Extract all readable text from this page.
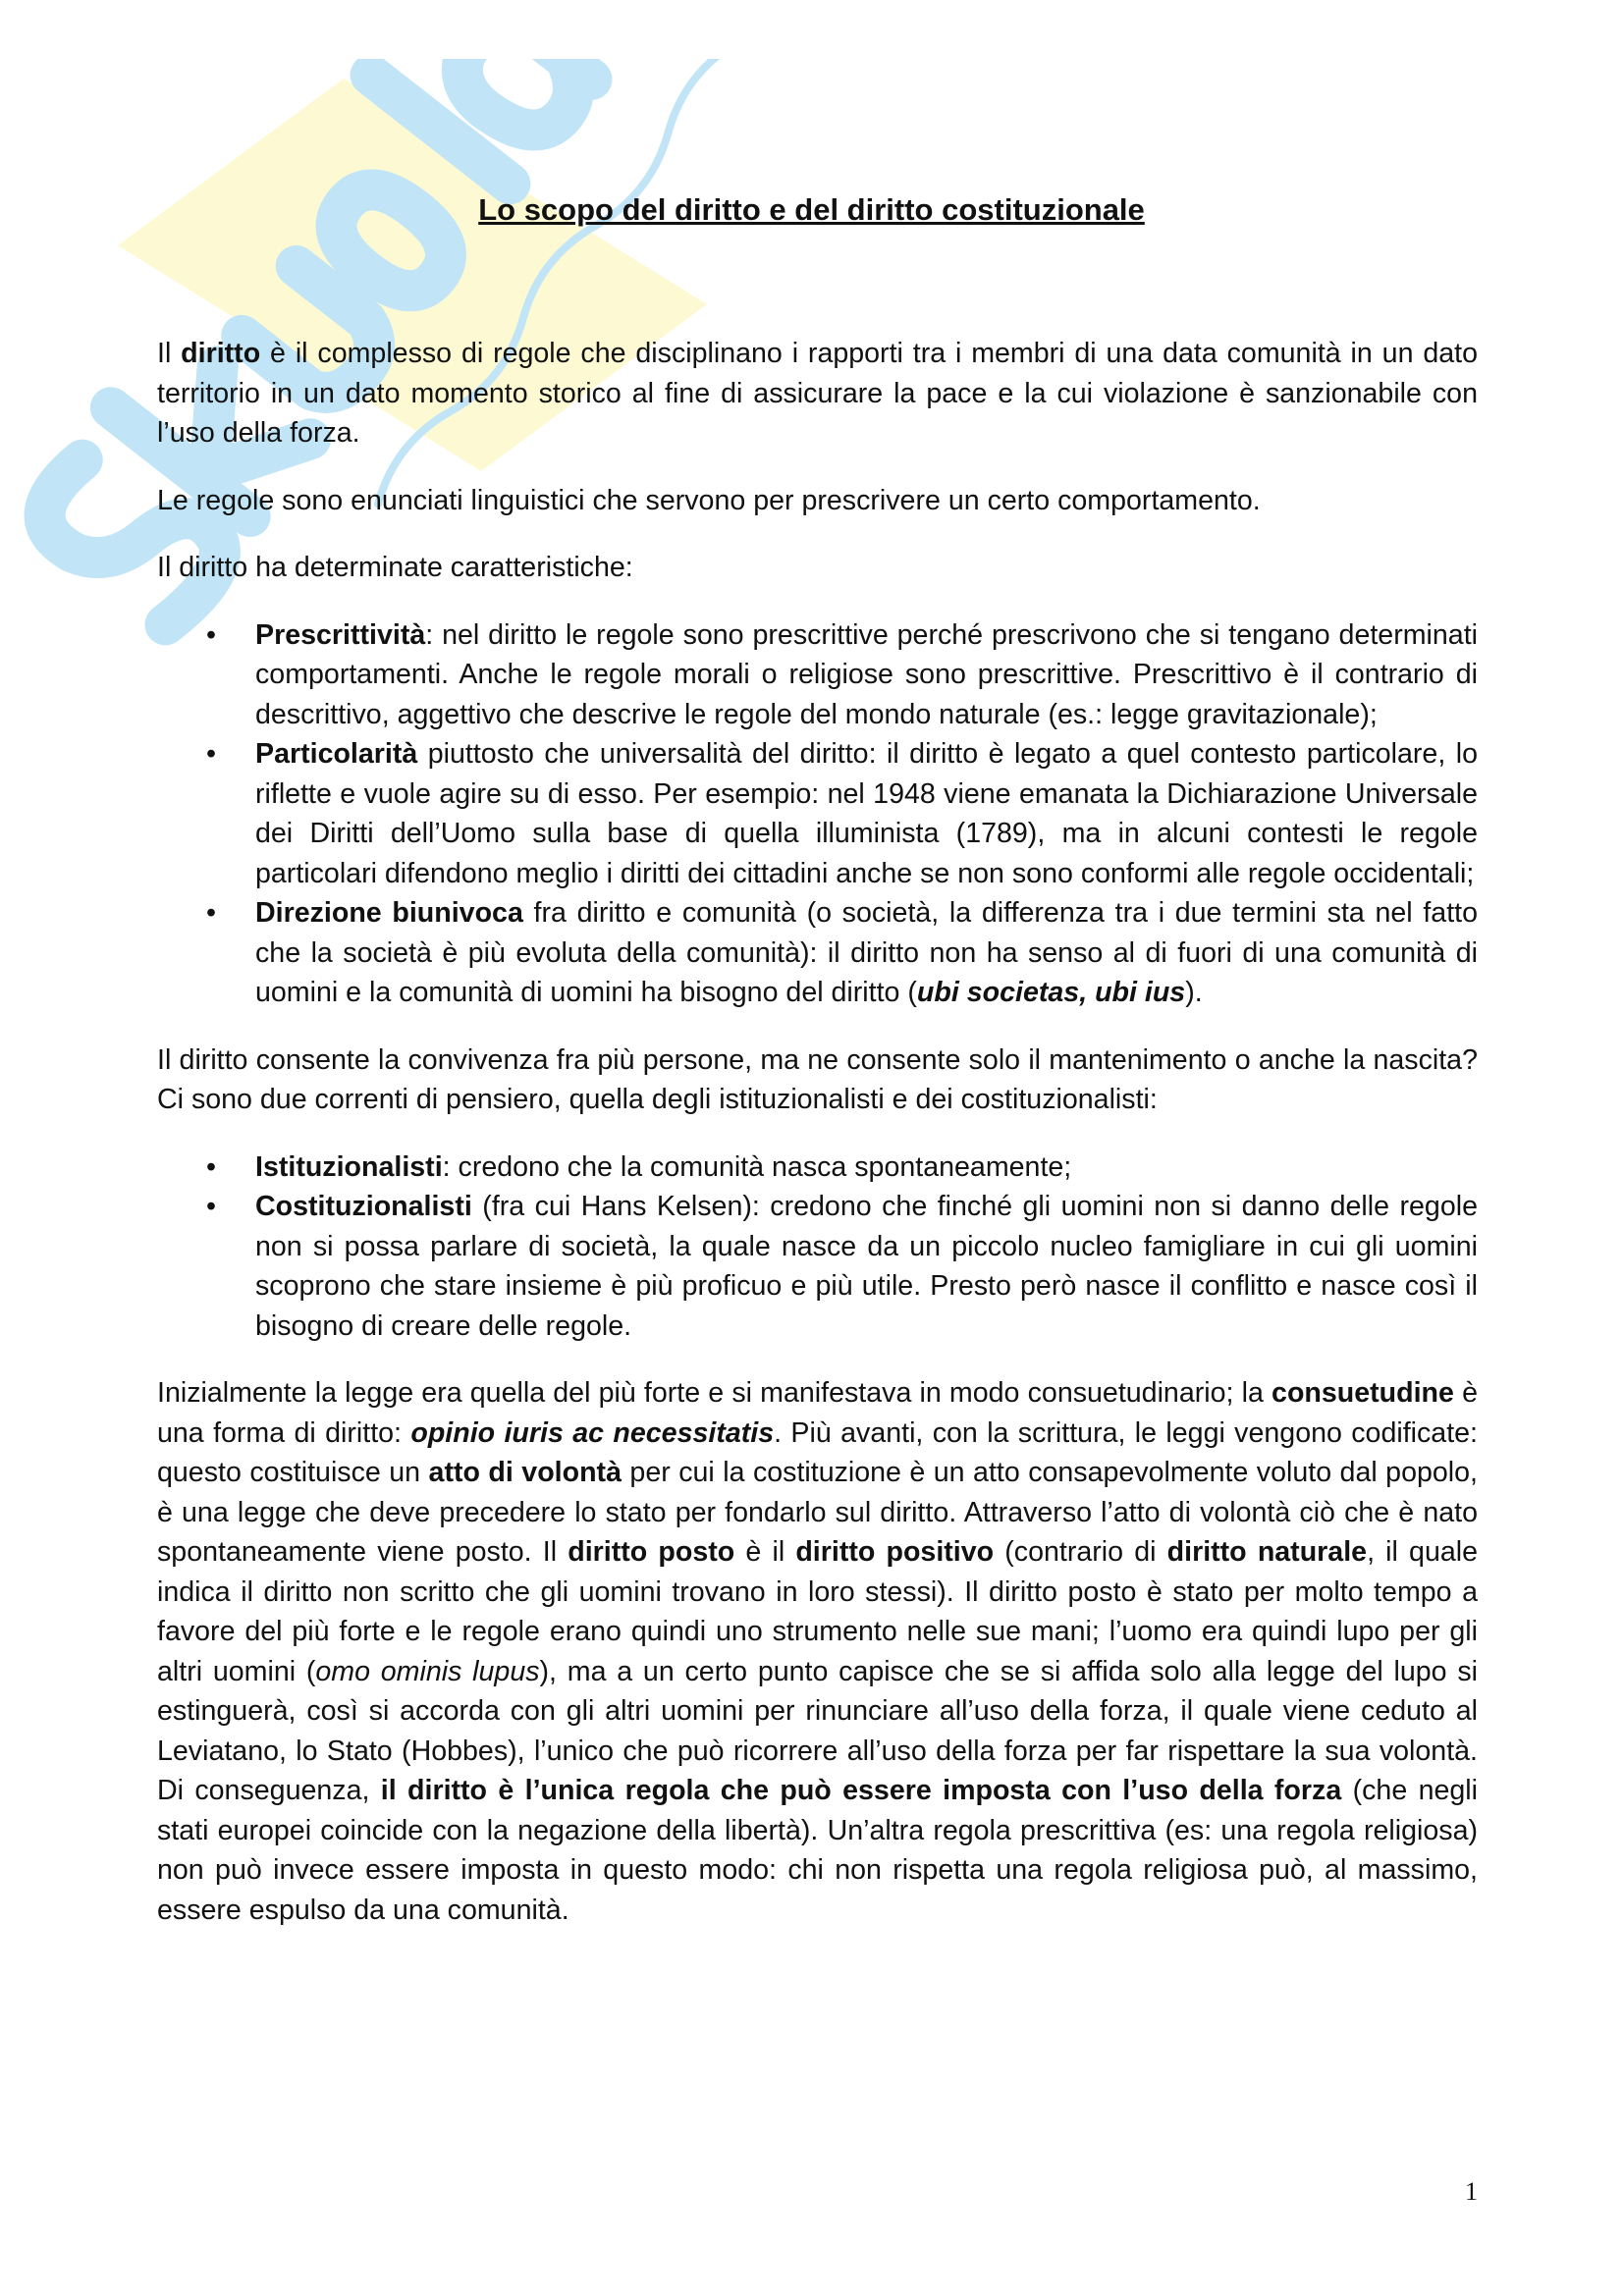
Lo scopo del diritto e del diritto costituzionale

Il diritto è il complesso di regole che disciplinano i rapporti tra i membri di una data comunità in un dato territorio in un dato momento storico al fine di assicurare la pace e la cui violazione è sanzionabile con l’uso della forza.

Le regole sono enunciati linguistici che servono per prescrivere un certo comportamento.

Il diritto ha determinate caratteristiche:

• Prescrittività: nel diritto le regole sono prescrittive perché prescrivono che si tengano determinati comportamenti. Anche le regole morali o religiose sono prescrittive. Prescrittivo è il contrario di descrittivo, aggettivo che descrive le regole del mondo naturale (es.: legge gravitazionale);
• Particolarità piuttosto che universalità del diritto: il diritto è legato a quel contesto particolare, lo riflette e vuole agire su di esso. Per esempio: nel 1948 viene emanata la Dichiarazione Universale dei Diritti dell’Uomo sulla base di quella illuminista (1789), ma in alcuni contesti le regole particolari difendono meglio i diritti dei cittadini anche se non sono conformi alle regole occidentali;
• Direzione biunivoca fra diritto e comunità (o società, la differenza tra i due termini sta nel fatto che la società è più evoluta della comunità): il diritto non ha senso al di fuori di una comunità di uomini e la comunità di uomini ha bisogno del diritto (ubi societas, ubi ius).

Il diritto consente la convivenza fra più persone, ma ne consente solo il mantenimento o anche la nascita? Ci sono due correnti di pensiero, quella degli istituzionalisti e dei costituzionalisti:

• Istituzionalisti: credono che la comunità nasca spontaneamente;
• Costituzionalisti (fra cui Hans Kelsen): credono che finché gli uomini non si danno delle regole non si possa parlare di società, la quale nasce da un piccolo nucleo famigliare in cui gli uomini scoprono che stare insieme è più proficuo e più utile. Presto però nasce il conflitto e nasce così il bisogno di creare delle regole.

Inizialmente la legge era quella del più forte e si manifestava in modo consuetudinario; la consuetudine è una forma di diritto: opinio iuris ac necessitatis. Più avanti, con la scrittura, le leggi vengono codificate: questo costituisce un atto di volontà per cui la costituzione è un atto consapevolmente voluto dal popolo, è una legge che deve precedere lo stato per fondarlo sul diritto. Attraverso l’atto di volontà ciò che è nato spontaneamente viene posto. Il diritto posto è il diritto positivo (contrario di diritto naturale, il quale indica il diritto non scritto che gli uomini trovano in loro stessi). Il diritto posto è stato per molto tempo a favore del più forte e le regole erano quindi uno strumento nelle sue mani; l’uomo era quindi lupo per gli altri uomini (omo ominis lupus), ma a un certo punto capisce che se si affida solo alla legge del lupo si estinguerà, così si accorda con gli altri uomini per rinunciare all’uso della forza, il quale viene ceduto al Leviatano, lo Stato (Hobbes), l’unico che può ricorrere all’uso della forza per far rispettare la sua volontà. Di conseguenza, il diritto è l’unica regola che può essere imposta con l’uso della forza (che negli stati europei coincide con la negazione della libertà). Un’altra regola prescrittiva (es: una regola religiosa) non può invece essere imposta in questo modo: chi non rispetta una regola religiosa può, al massimo, essere espulso da una comunità.

1
